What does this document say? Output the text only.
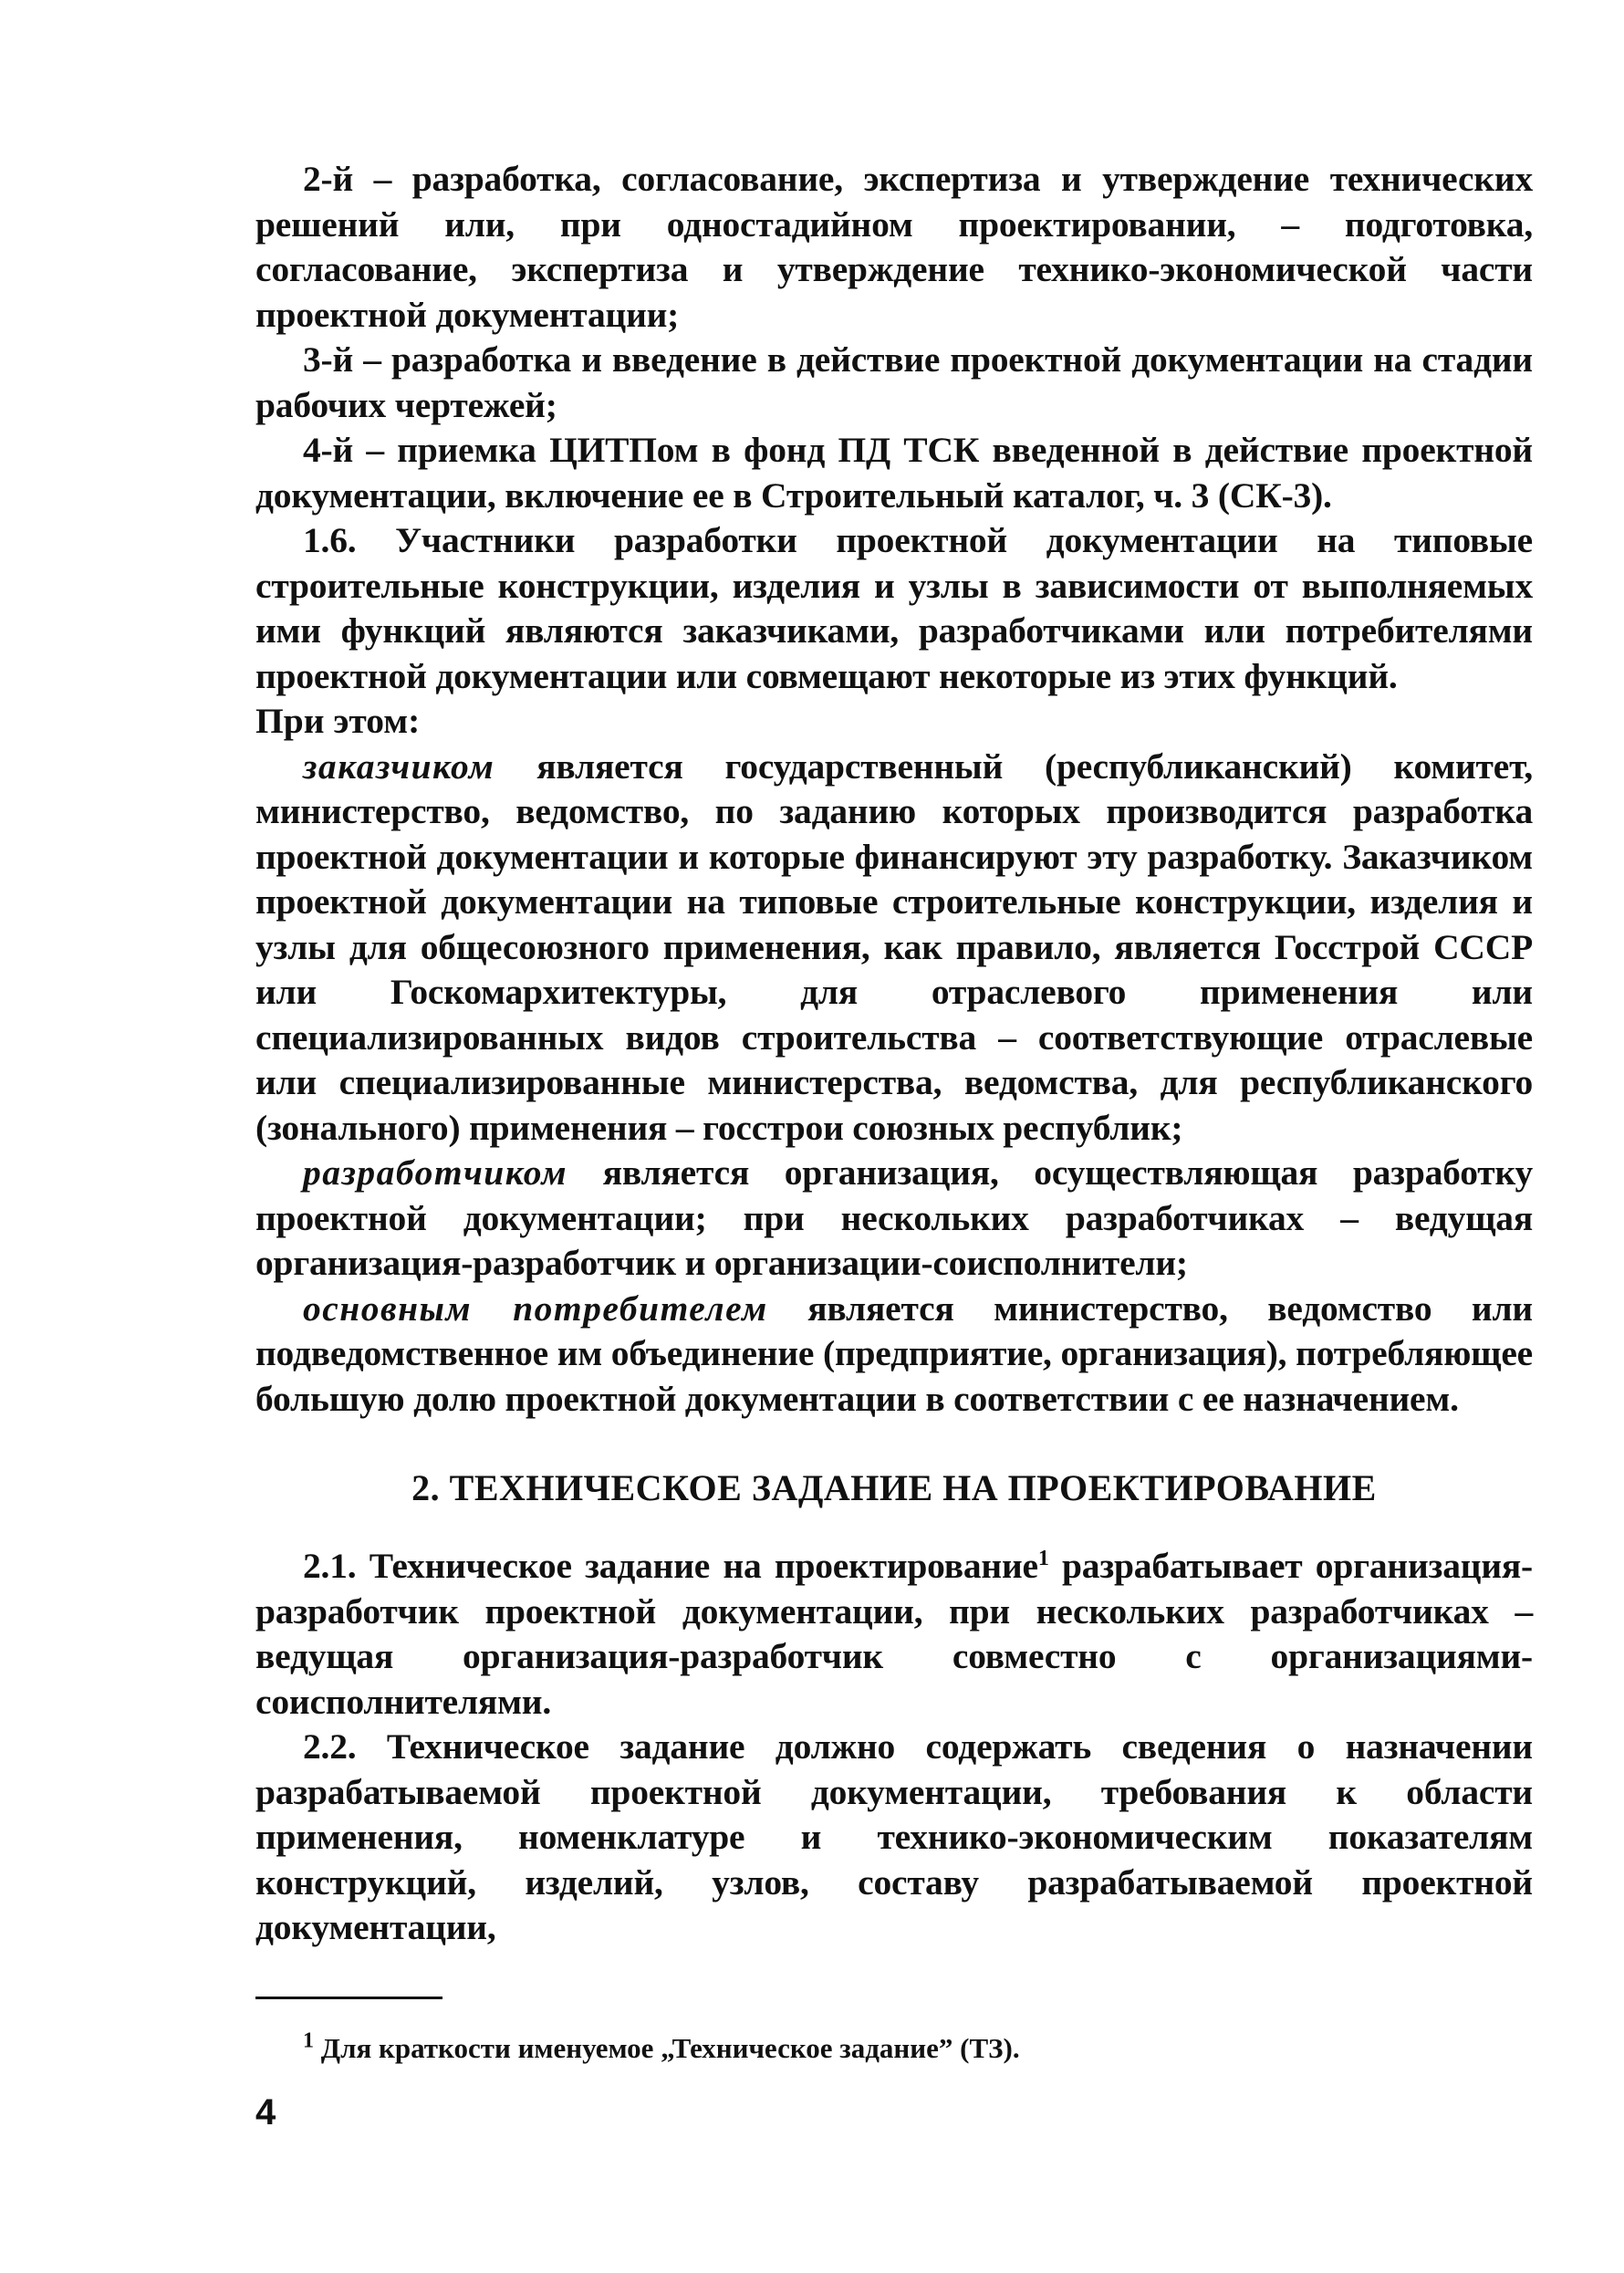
2-й – разработка, согласование, экспертиза и утверждение технических решений или, при одностадийном проектировании, – подготовка, согласование, экспертиза и утверждение технико-экономической части проектной документации;

3-й – разработка и введение в действие проектной документации на стадии рабочих чертежей;

4-й – приемка ЦИТПом в фонд ПД ТСК введенной в действие проектной документации, включение ее в Строительный каталог, ч. 3 (СК-3).

1.6. Участники разработки проектной документации на типовые строительные конструкции, изделия и узлы в зависимости от выполняемых ими функций являются заказчиками, разработчиками или потребителями проектной документации или совмещают некоторые из этих функций.

При этом:

заказчиком является государственный (республиканский) комитет, министерство, ведомство, по заданию которых производится разработка проектной документации и которые финансируют эту разработку. Заказчиком проектной документации на типовые строительные конструкции, изделия и узлы для общесоюзного применения, как правило, является Госстрой СССР или Госкомархитектуры, для отраслевого применения или специализированных видов строительства – соответствующие отраслевые или специализированные министерства, ведомства, для республиканского (зонального) применения – госстрои союзных республик;

разработчиком является организация, осуществляющая разработку проектной документации; при нескольких разработчиках – ведущая организация-разработчик и организации-соисполнители;

основным потребителем является министерство, ведомство или подведомственное им объединение (предприятие, организация), потребляющее большую долю проектной документации в соответствии с ее назначением.

2. ТЕХНИЧЕСКОЕ ЗАДАНИЕ НА ПРОЕКТИРОВАНИЕ

2.1. Техническое задание на проектирование$^1$ разрабатывает организация-разработчик проектной документации, при нескольких разработчиках – ведущая организация-разработчик совместно с организациями-соисполнителями.

2.2. Техническое задание должно содержать сведения о назначении разрабатываемой проектной документации, требования к области применения, номенклатуре и технико-экономическим показателям конструкций, изделий, узлов, составу разрабатываемой проектной документации,

$^1$ Для краткости именуемое „Техническое задание” (ТЗ).
4
